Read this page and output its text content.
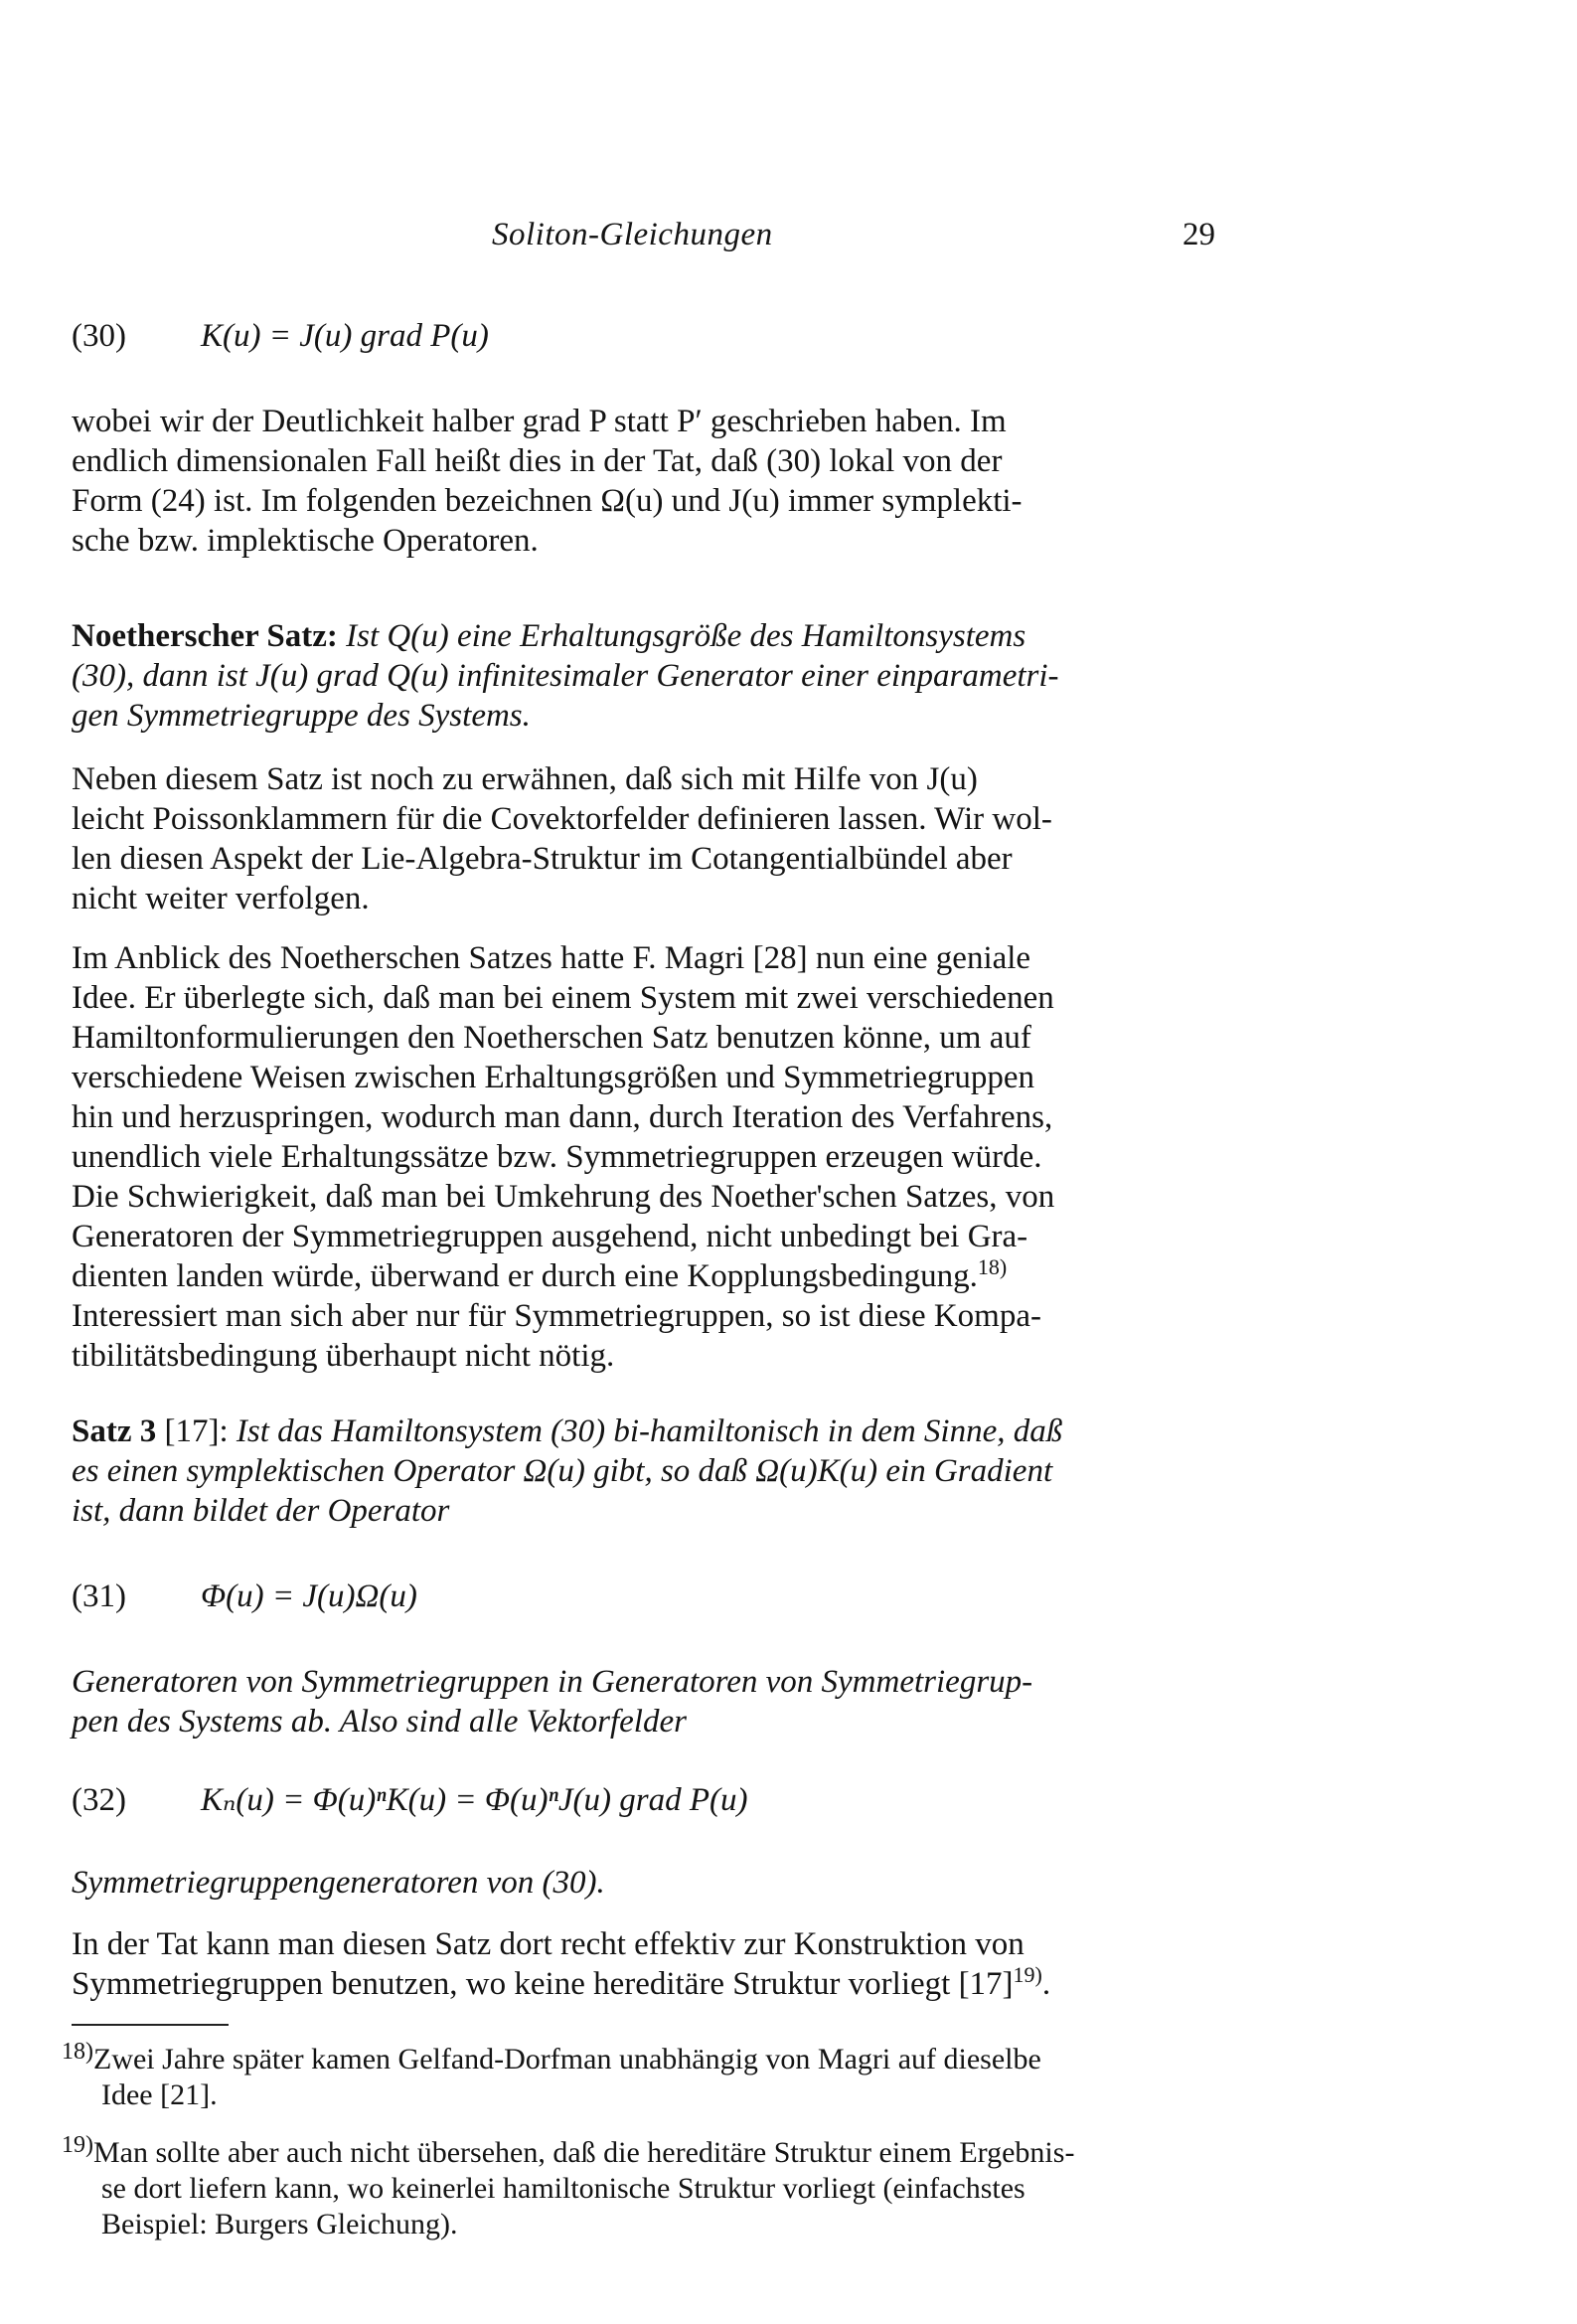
Soliton-Gleichungen	29
(30) K(u) = J(u) grad P(u)
wobei wir der Deutlichkeit halber grad P statt P′ geschrieben haben. Im
endlich dimensionalen Fall heißt dies in der Tat, daß (30) lokal von der
Form (24) ist. Im folgenden bezeichnen Ω(u) und J(u) immer symplekti-
sche bzw. implektische Operatoren.
Noetherscher Satz: Ist Q(u) eine Erhaltungsgröße des Hamiltonsystems
(30), dann ist J(u) grad Q(u) infinitesimaler Generator einer einparametri-
gen Symmetriegruppe des Systems.
Neben diesem Satz ist noch zu erwähnen, daß sich mit Hilfe von J(u)
leicht Poissonklammern für die Covektorfelder definieren lassen. Wir wol-
len diesen Aspekt der Lie-Algebra-Struktur im Cotangentialbündel aber
nicht weiter verfolgen.
Im Anblick des Noetherschen Satzes hatte F. Magri [28] nun eine geniale
Idee. Er überlegte sich, daß man bei einem System mit zwei verschiedenen
Hamiltonformulierungen den Noetherschen Satz benutzen könne, um auf
verschiedene Weisen zwischen Erhaltungsgrößen und Symmetriegruppen
hin und herzuspringen, wodurch man dann, durch Iteration des Verfahrens,
unendlich viele Erhaltungssätze bzw. Symmetriegruppen erzeugen würde.
Die Schwierigkeit, daß man bei Umkehrung des Noether'schen Satzes, von
Generatoren der Symmetriegruppen ausgehend, nicht unbedingt bei Gra-
dienten landen würde, überwand er durch eine Kopplungsbedingung.$^{18)}$
Interessiert man sich aber nur für Symmetriegruppen, so ist diese Kompa-
tibilitätsbedingung überhaupt nicht nötig.
Satz 3 [17]: Ist das Hamiltonsystem (30) bi-hamiltonisch in dem Sinne, daß
es einen symplektischen Operator Ω(u) gibt, so daß Ω(u)K(u) ein Gradient
ist, dann bildet der Operator
(31) Φ(u) = J(u)Ω(u)
Generatoren von Symmetriegruppen in Generatoren von Symmetriegrup-
pen des Systems ab. Also sind alle Vektorfelder
(32) Kₙ(u) = Φ(u)ⁿK(u) = Φ(u)ⁿJ(u) grad P(u)
Symmetriegruppengeneratoren von (30).
In der Tat kann man diesen Satz dort recht effektiv zur Konstruktion von
Symmetriegruppen benutzen, wo keine hereditäre Struktur vorliegt $[17]^{19)}$.
$^{18)}$Zwei Jahre später kamen Gelfand-Dorfman unabhängig von Magri auf dieselbe
Idee [21].
$^{19)}$Man sollte aber auch nicht übersehen, daß die hereditäre Struktur einem Ergebnis-
se dort liefern kann, wo keinerlei hamiltonische Struktur vorliegt (einfachstes
Beispiel: Burgers Gleichung).
